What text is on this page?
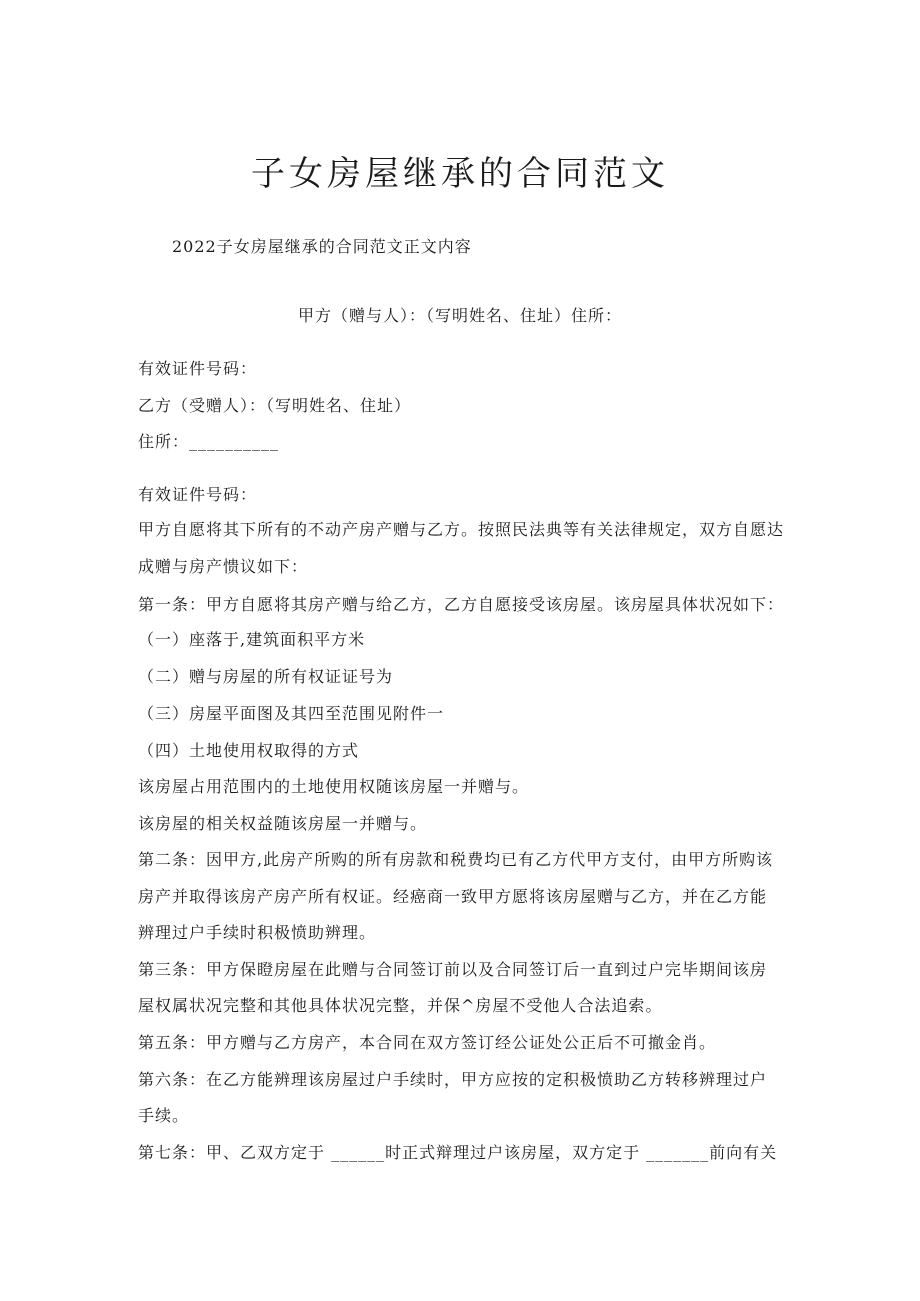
子女房屋继承的合同范文
2022子女房屋继承的合同范文正文内容
甲方（赠与人）：（写明姓名、住址）住所：
有效证件号码：
乙方（受赠人）：（写明姓名、住址）
住所：__________
有效证件号码：
甲方自愿将其下所有的不动产房产赠与乙方。按照民法典等有关法律规定，双方自愿达
成赠与房产愦议如下：
第一条：甲方自愿将其房产赠与给乙方，乙方自愿接受该房屋。该房屋具体状况如下：
（一）座落于,建筑面积平方米
（二）赠与房屋的所有权证证号为
（三）房屋平面图及其四至范围见附件一
（四）土地使用权取得的方式
该房屋占用范围内的土地使用权随该房屋一并赠与。
该房屋的相关权益随该房屋一并赠与。
第二条：因甲方,此房产所购的所有房款和税费均已有乙方代甲方支付，由甲方所购该
房产并取得该房产房产所有权证。经癌商一致甲方愿将该房屋赠与乙方，并在乙方能
辨理过户手续时积极愤助辨理。
第三条：甲方保瞪房屋在此赠与合同签订前以及合同签订后一直到过户完毕期间该房
屋权属状况完整和其他具体状况完整，并保^房屋不受他人合法追索。
第五条：甲方赠与乙方房产，本合同在双方签订经公证处公正后不可撤金肖。
第六条：在乙方能辨理该房屋过户手续时，甲方应按的定积极愤助乙方转移辨理过户
手续。
第七条：甲、乙双方定于 ______时正式辩理过户该房屋，双方定于 _______前向有关
